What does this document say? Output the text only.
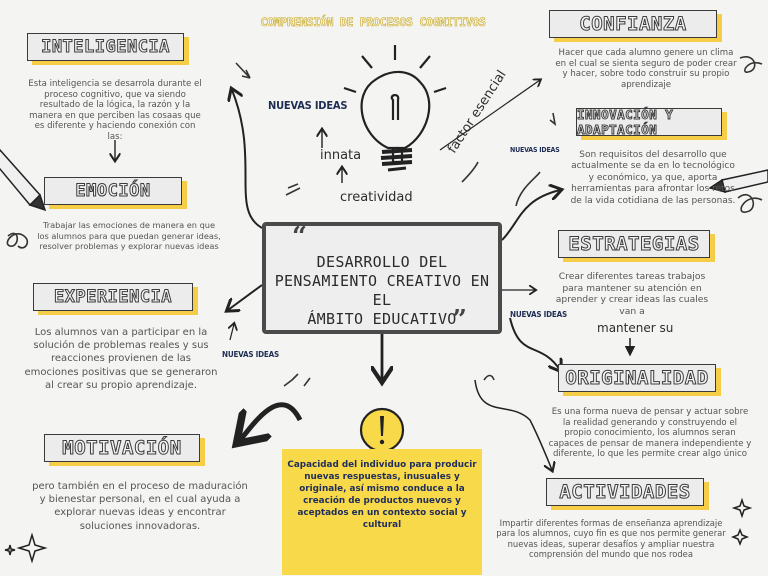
COMPRENSIÓN DE PROCESOS COGNITIVOS
DESARROLLO DEL
PENSAMIENTO CREATIVO EN EL
ÁMBITO EDUCATIVO
“
”
NUEVAS IDEAS
innata
creatividad
factor esencial
INTELIGENCIA
Esta inteligencia se desarrola durante el proceso cognitivo, que va siendo resultado de la lógica, la razón y la manera en que perciben las cosaas que es diferente y haciendo conexión con las:
EMOCIÓN
Trabajar las emociones de manera en que los alumnos para que puedan generar ideas, resolver problemas y explorar nuevas ideas
EXPERIENCIA
Los alumnos van a participar en la solución de problemas reales y sus reacciones provienen de las emociones positivas que se generaron al crear su propio aprendizaje.
MOTIVACIÓN
pero también en el proceso de maduración y bienestar personal, en el cual ayuda a explorar nuevas ideas y encontrar soluciones innovadoras.
NUEVAS IDEAS
CONFIANZA
Hacer que cada alumno genere un clima en el cual se sienta seguro de poder crear y hacer, sobre todo construir su propio aprendizaje
INNOVACIÓN Y ADAPTACIÓN
Son requisitos del desarrollo que actualmente se da en lo tecnológico y económico, ya que, aporta herramientas para afrontar los retos de la vida cotidiana de las personas.
NUEVAS IDEAS
ESTRATEGIAS
Crear diferentes tareas trabajos para mantener su atención en aprender y crear ideas las cuales van a
mantener su
NUEVAS IDEAS
ORIGINALIDAD
Es una forma nueva de pensar y actuar sobre la realidad generando y construyendo el propio conocimiento, los alumnos seran capaces de pensar de manera independiente y diferente, lo que les permite crear algo único
ACTIVIDADES
Impartir diferentes formas de enseñanza aprendizaje para los alumnos, cuyo fin es que nos permite generar nuevas ideas, superar desafíos y ampliar nuestra comprensión del mundo que nos rodea
Capacidad del individuo para producir nuevas respuestas, inusuales y originale, así mismo conduce a la creación de productos nuevos y aceptados en un contexto social y cultural
